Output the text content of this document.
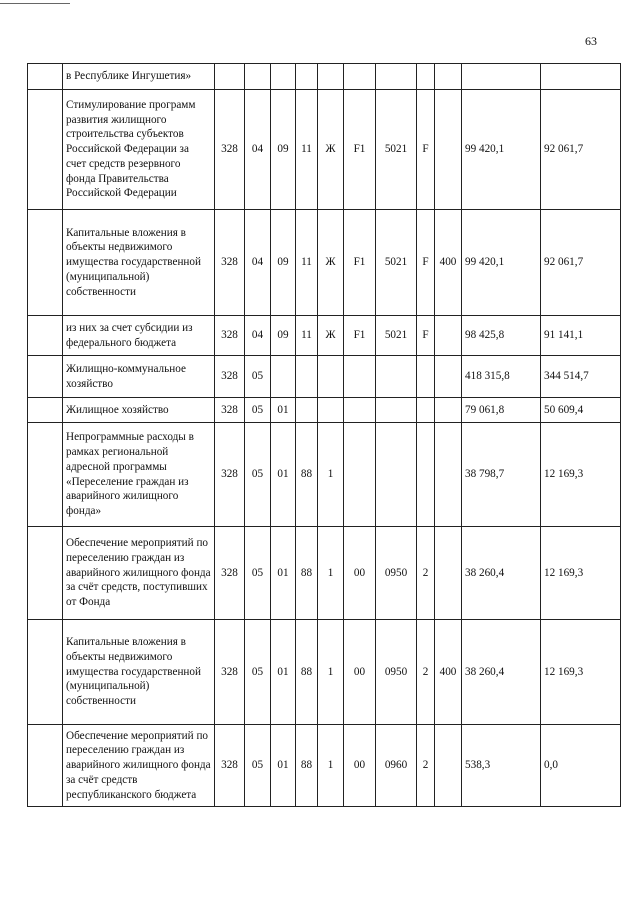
63
	в Республике Ингушетия»											
	Стимулирование программ развития жилищного строительства субъектов Российской Федерации за счет средств резервного фонда Правительства Российской Федерации	328	04	09	11	Ж	F1	5021	F		99 420,1	92 061,7
	Капитальные вложения в объекты недвижимого имущества государственной (муниципальной) собственности	328	04	09	11	Ж	F1	5021	F	400	99 420,1	92 061,7
	из них за счет субсидии из федерального бюджета	328	04	09	11	Ж	F1	5021	F		98 425,8	91 141,1
	Жилищно-коммунальное хозяйство	328	05								418 315,8	344 514,7
	Жилищное хозяйство	328	05	01							79 061,8	50 609,4
	Непрограммные расходы в рамках региональной адресной программы «Переселение граждан из аварийного жилищного фонда»	328	05	01	88	1					38 798,7	12 169,3
	Обеспечение мероприятий по переселению граждан из аварийного жилищного фонда за счёт средств, поступивших от Фонда	328	05	01	88	1	00	0950	2		38 260,4	12 169,3
	Капитальные вложения в объекты недвижимого имущества государственной (муниципальной) собственности	328	05	01	88	1	00	0950	2	400	38 260,4	12 169,3
	Обеспечение мероприятий по переселению граждан из аварийного жилищного фонда за счёт средств республиканского бюджета	328	05	01	88	1	00	0960	2		538,3	0,0
